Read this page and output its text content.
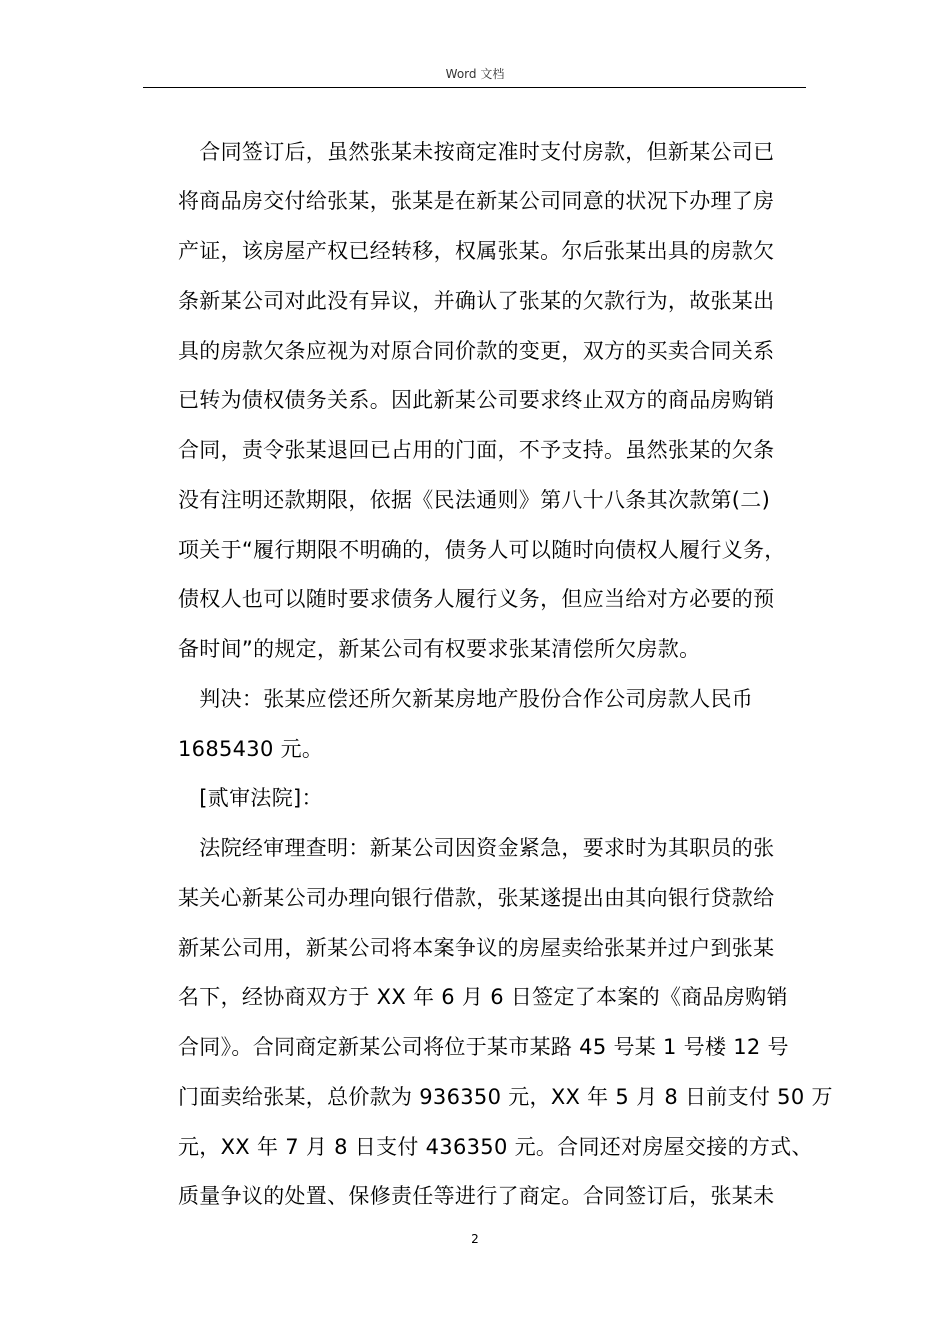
Word 文档
　合同签订后，虽然张某未按商定准时支付房款，但新某公司已
将商品房交付给张某，张某是在新某公司同意的状况下办理了房
产证，该房屋产权已经转移，权属张某。尔后张某出具的房款欠
条新某公司对此没有异议，并确认了张某的欠款行为，故张某出
具的房款欠条应视为对原合同价款的变更，双方的买卖合同关系
已转为债权债务关系。因此新某公司要求终止双方的商品房购销
合同，责令张某退回已占用的门面，不予支持。虽然张某的欠条
没有注明还款期限，依据《民法通则》第八十八条其次款第(二)
项关于“履行期限不明确的，债务人可以随时向债权人履行义务，
债权人也可以随时要求债务人履行义务，但应当给对方必要的预
备时间”的规定，新某公司有权要求张某清偿所欠房款。
　判决：张某应偿还所欠新某房地产股份合作公司房款人民币
1685430 元。
　[贰审法院]：
　法院经审理查明：新某公司因资金紧急，要求时为其职员的张
某关心新某公司办理向银行借款，张某遂提出由其向银行贷款给
新某公司用，新某公司将本案争议的房屋卖给张某并过户到张某
名下，经协商双方于 XX 年 6 月 6 日签定了本案的《商品房购销
合同》。合同商定新某公司将位于某市某路 45 号某 1 号楼 12 号
门面卖给张某，总价款为 936350 元，XX 年 5 月 8 日前支付 50 万
元，XX 年 7 月 8 日支付 436350 元。合同还对房屋交接的方式、
质量争议的处置、保修责任等进行了商定。合同签订后，张某未
2
